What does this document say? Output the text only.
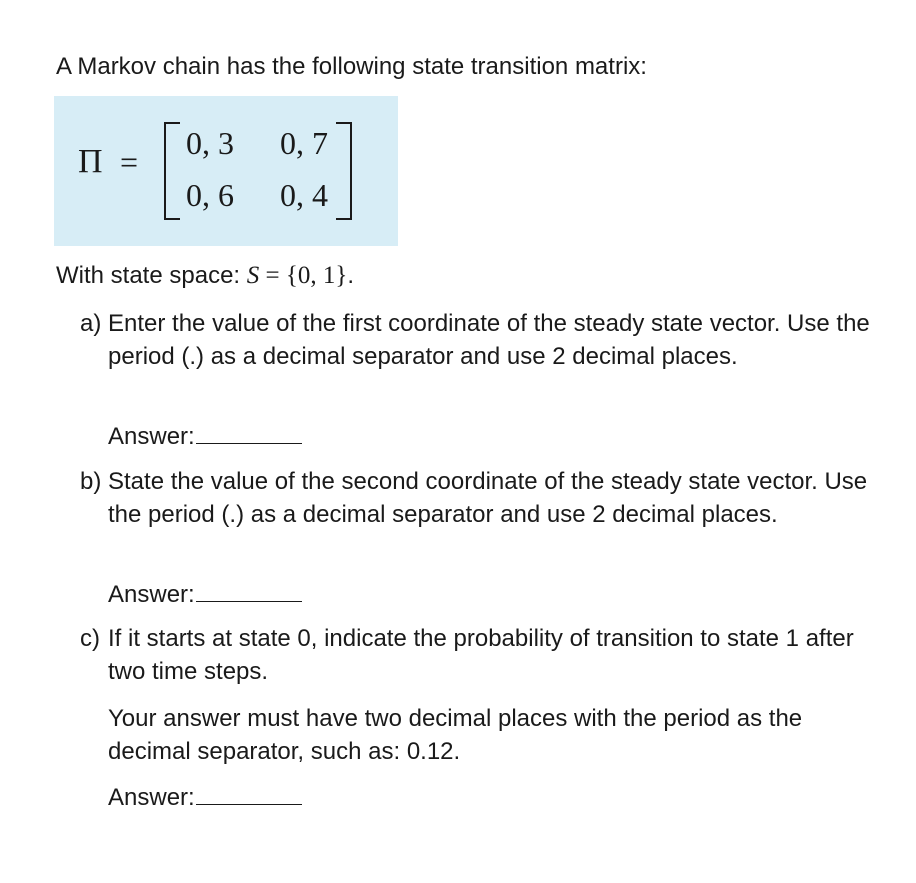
A Markov chain has the following state transition matrix:
Π =
0, 3 0, 7
0, 6 0, 4
With state space: S = {0, 1}.
a) Enter the value of the first coordinate of the steady state vector. Use the period (.) as a decimal separator and use 2 decimal places.
Answer:
b) State the value of the second coordinate of the steady state vector. Use the period (.) as a decimal separator and use 2 decimal places.
Answer:
c) If it starts at state 0, indicate the probability of transition to state 1 after two time steps.
Your answer must have two decimal places with the period as the decimal separator, such as: 0.12.
Answer:
